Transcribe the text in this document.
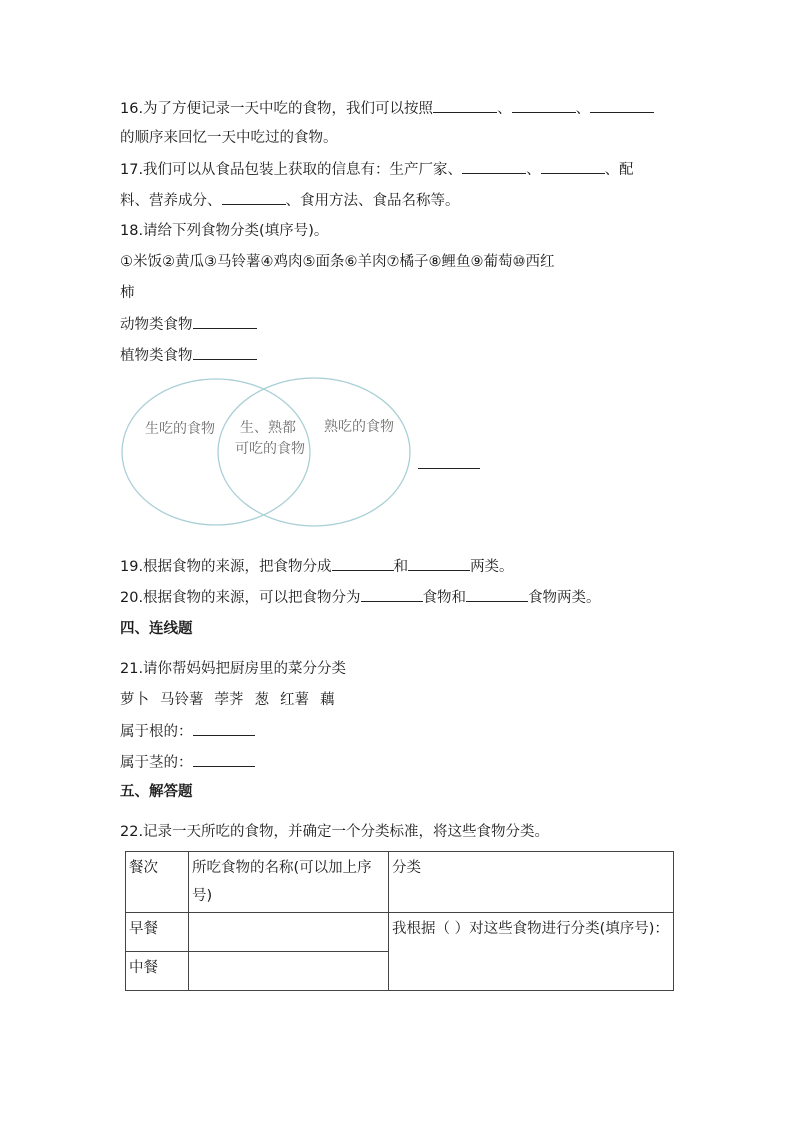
16.为了方便记录一天中吃的食物，我们可以按照	、	、
的顺序来回忆一天中吃过的食物。
17.我们可以从食品包装上获取的信息有：生产厂家、	、	、配
料、营养成分、	、食用方法、食品名称等。
18.请给下列食物分类(填序号)。
①米饭②黄瓜③马铃薯④鸡肉⑤面条⑥羊肉⑦橘子⑧鲤鱼⑨葡萄⑩西红
柿
动物类食物
植物类食物
生吃的食物 生、熟都
可吃的食物
熟吃的食物
19.根据食物的来源，把食物分成	和	两类。
20.根据食物的来源，可以把食物分为	食物和	食物两类。
四、连线题
21.请你帮妈妈把厨房里的菜分分类
萝卜 马铃薯 荸荠 葱 红薯 藕
属于根的：
属于茎的：
五、解答题
22.记录一天所吃的食物，并确定一个分类标准，将这些食物分类。
餐次	所吃食物的名称(可以加上序号)	分类
早餐		我根据（ ）对这些食物进行分类(填序号)：
中餐		
